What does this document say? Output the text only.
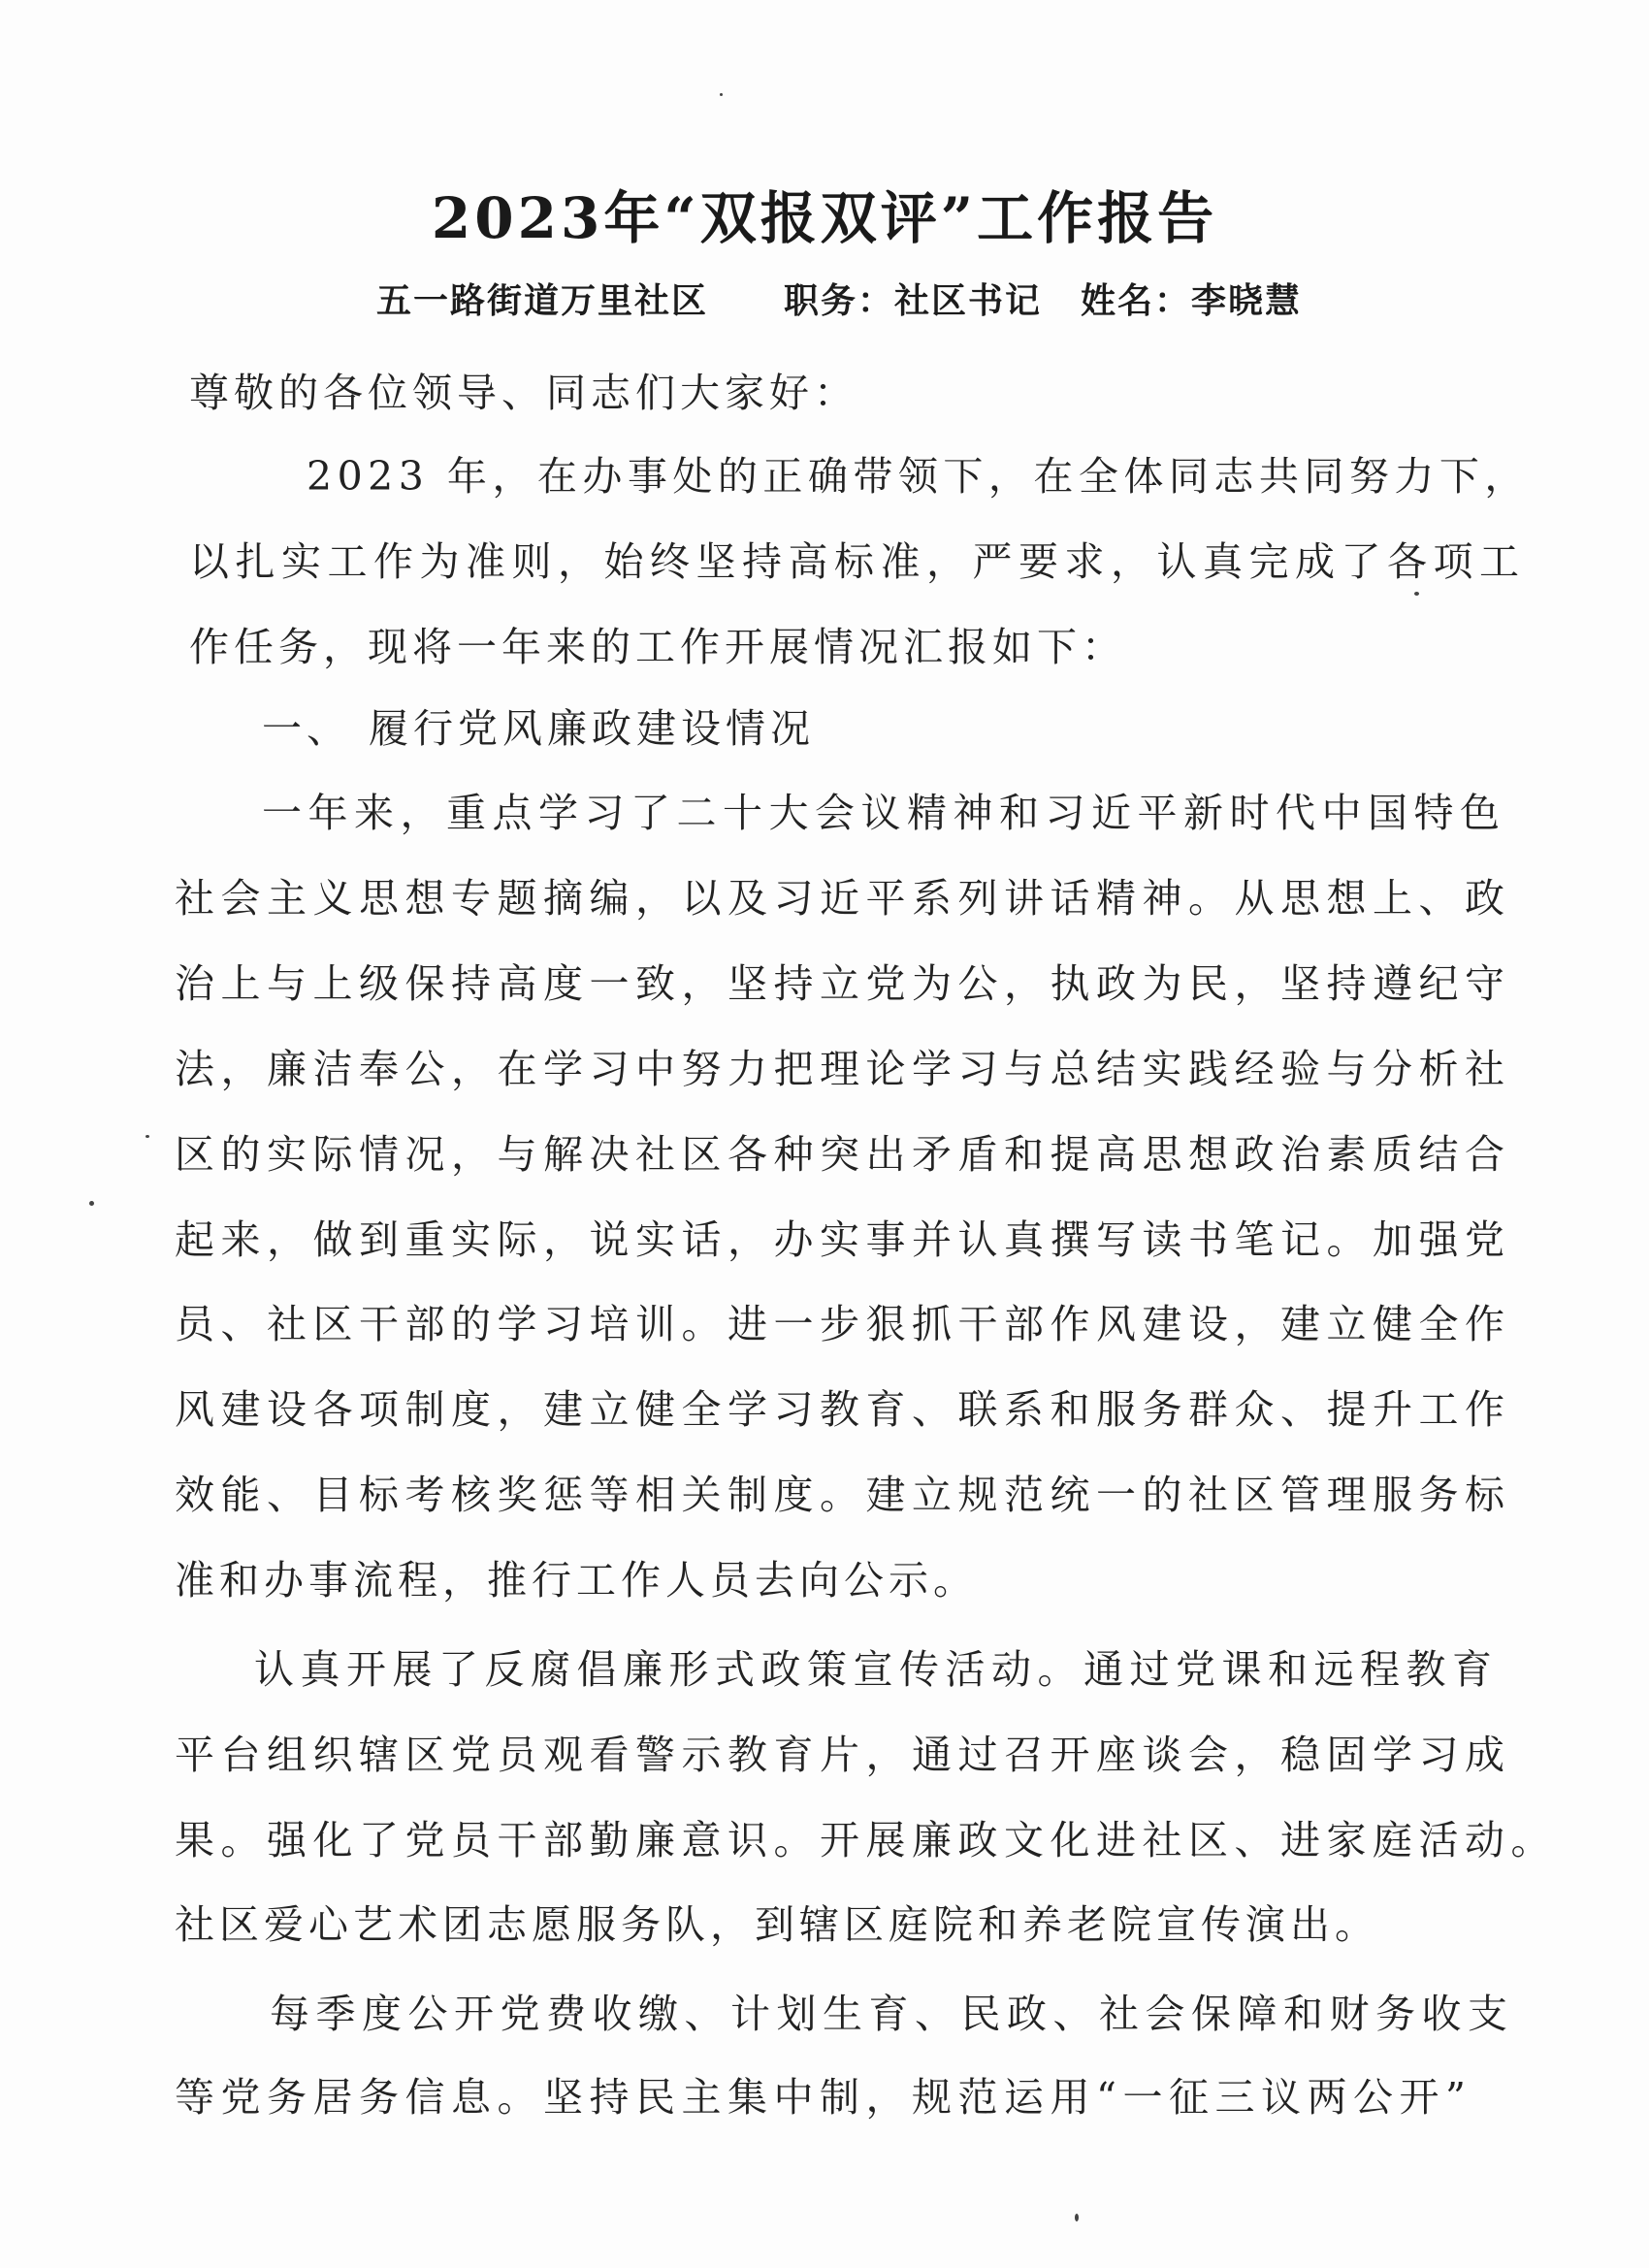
2023年“双报双评”工作报告
五一路街道万里社区 职务：社区书记 姓名：李晓慧
尊敬的各位领导、同志们大家好：
2023 年，在办事处的正确带领下，在全体同志共同努力下，
以扎实工作为准则，始终坚持高标准，严要求，认真完成了各项工
作任务，现将一年来的工作开展情况汇报如下：
一、 履行党风廉政建设情况
一年来，重点学习了二十大会议精神和习近平新时代中国特色
社会主义思想专题摘编，以及习近平系列讲话精神。从思想上、政
治上与上级保持高度一致，坚持立党为公，执政为民，坚持遵纪守
法，廉洁奉公，在学习中努力把理论学习与总结实践经验与分析社
区的实际情况，与解决社区各种突出矛盾和提高思想政治素质结合
起来，做到重实际，说实话，办实事并认真撰写读书笔记。加强党
员、社区干部的学习培训。进一步狠抓干部作风建设，建立健全作
风建设各项制度，建立健全学习教育、联系和服务群众、提升工作
效能、目标考核奖惩等相关制度。建立规范统一的社区管理服务标
准和办事流程，推行工作人员去向公示。
认真开展了反腐倡廉形式政策宣传活动。通过党课和远程教育
平台组织辖区党员观看警示教育片，通过召开座谈会，稳固学习成
果。强化了党员干部勤廉意识。开展廉政文化进社区、进家庭活动。
社区爱心艺术团志愿服务队，到辖区庭院和养老院宣传演出。
每季度公开党费收缴、计划生育、民政、社会保障和财务收支
等党务居务信息。坚持民主集中制，规范运用“一征三议两公开”
